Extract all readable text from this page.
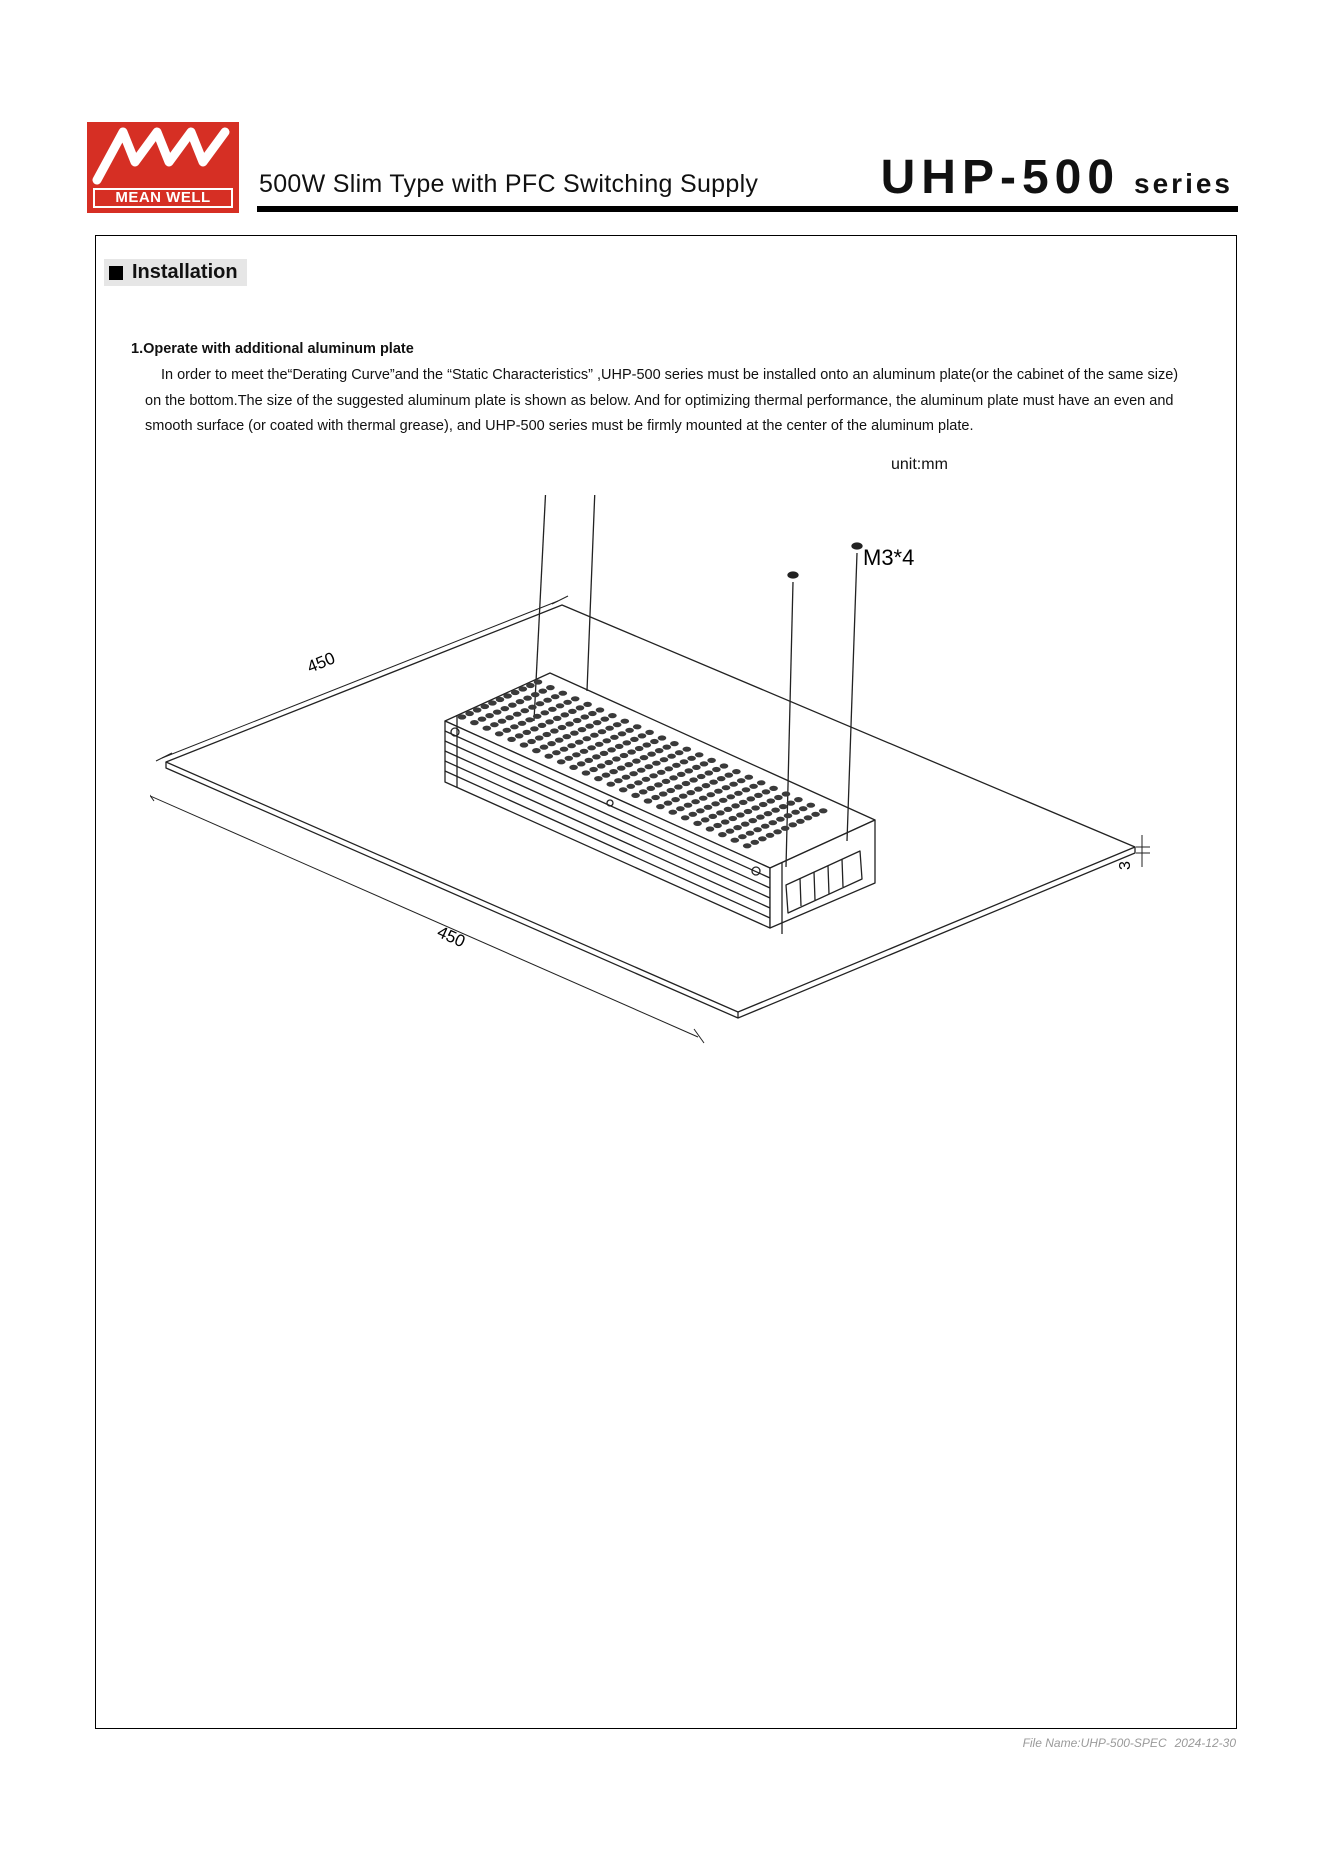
MEAN WELL	500W Slim Type with PFC Switching Supply	UHP-500 series
Installation
1.Operate with additional aluminum plate
In order to meet the“Derating Curve”and the “Static Characteristics” ,UHP-500 series must be installed onto an aluminum plate(or the cabinet of the same size)
on the bottom.The size of the suggested aluminum plate is shown as below. And for optimizing thermal performance, the aluminum plate must have an even and
smooth surface (or coated with thermal grease), and UHP-500 series must be firmly mounted at the center of the aluminum plate.
unit:mm
450
450
3
M3*4
File Name:UHP-500-SPEC 2024-12-30
